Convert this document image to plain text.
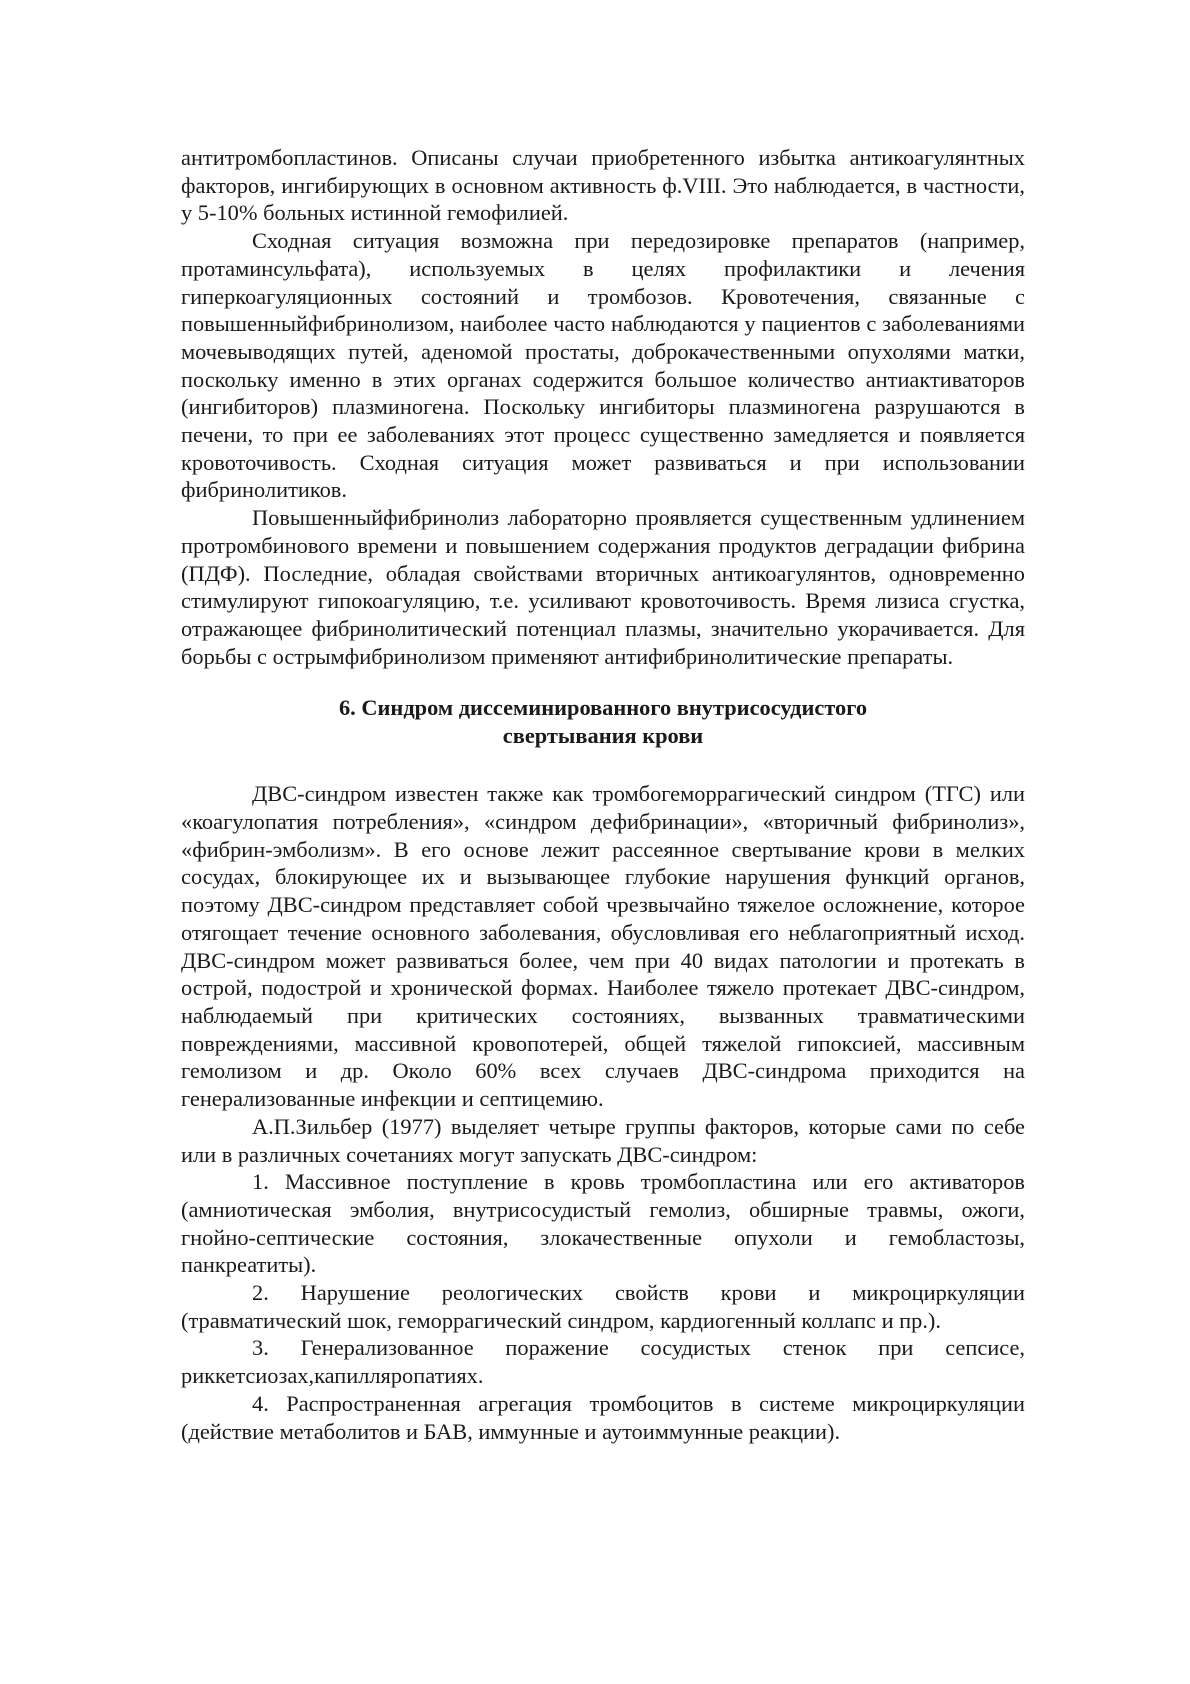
антитромбопластинов. Описаны случаи приобретенного избытка антикоагулянтных факторов, ингибирующих в основном активность ф.VIII. Это наблюдается, в частности, у 5-10% больных истинной гемофилией.

Сходная ситуация возможна при передозировке препаратов (например, протаминсульфата), используемых в целях профилактики и лечения гиперкоагуляционных состояний и тромбозов. Кровотечения, связанные с повышенныйфибринолизом, наиболее часто наблюдаются у пациентов с заболеваниями мочевыводящих путей, аденомой простаты, доброкачественными опухолями матки, поскольку именно в этих органах содержится большое количество антиактиваторов (ингибиторов) плазминогена. Поскольку ингибиторы плазминогена разрушаются в печени, то при ее заболеваниях этот процесс существенно замедляется и появляется кровоточивость. Сходная ситуация может развиваться и при использовании фибринолитиков.

Повышенныйфибринолиз лабораторно проявляется существенным удлинением протромбинового времени и повышением содержания продуктов деградации фибрина (ПДФ). Последние, обладая свойствами вторичных антикоагулянтов, одновременно стимулируют гипокоагуляцию, т.е. усиливают кровоточивость. Время лизиса сгустка, отражающее фибринолитический потенциал плазмы, значительно укорачивается. Для борьбы с острымфибринолизом применяют антифибринолитические препараты.

6. Синдром диссеминированного внутрисосудистого
свертывания крови

ДВС-синдром известен также как тромбогеморрагический синдром (ТГС) или «коагулопатия потребления», «синдром дефибринации», «вторичный фибринолиз», «фибрин-эмболизм». В его основе лежит рассеянное свертывание крови в мелких сосудах, блокирующее их и вызывающее глубокие нарушения функций органов, поэтому ДВС-синдром представляет собой чрезвычайно тяжелое осложнение, которое отягощает течение основного заболевания, обусловливая его неблагоприятный исход. ДВС-синдром может развиваться более, чем при 40 видах патологии и протекать в острой, подострой и хронической формах. Наиболее тяжело протекает ДВС-синдром, наблюдаемый при критических состояниях, вызванных травматическими повреждениями, массивной кровопотерей, общей тяжелой гипоксией, массивным гемолизом и др. Около 60% всех случаев ДВС-синдрома приходится на генерализованные инфекции и септицемию.

А.П.Зильбер (1977) выделяет четыре группы факторов, которые сами по себе или в различных сочетаниях могут запускать ДВС-синдром:

1. Массивное поступление в кровь тромбопластина или его активаторов (амниотическая эмболия, внутрисосудистый гемолиз, обширные травмы, ожоги, гнойно-септические состояния, злокачественные опухоли и гемобластозы, панкреатиты).

2. Нарушение реологических свойств крови и микроциркуляции (травматический шок, геморрагический синдром, кардиогенный коллапс и пр.).

3. Генерализованное поражение сосудистых стенок при сепсисе, риккетсиозах,капилляропатиях.

4. Распространенная агрегация тромбоцитов в системе микроциркуляции (действие метаболитов и БАВ, иммунные и аутоиммунные реакции).
